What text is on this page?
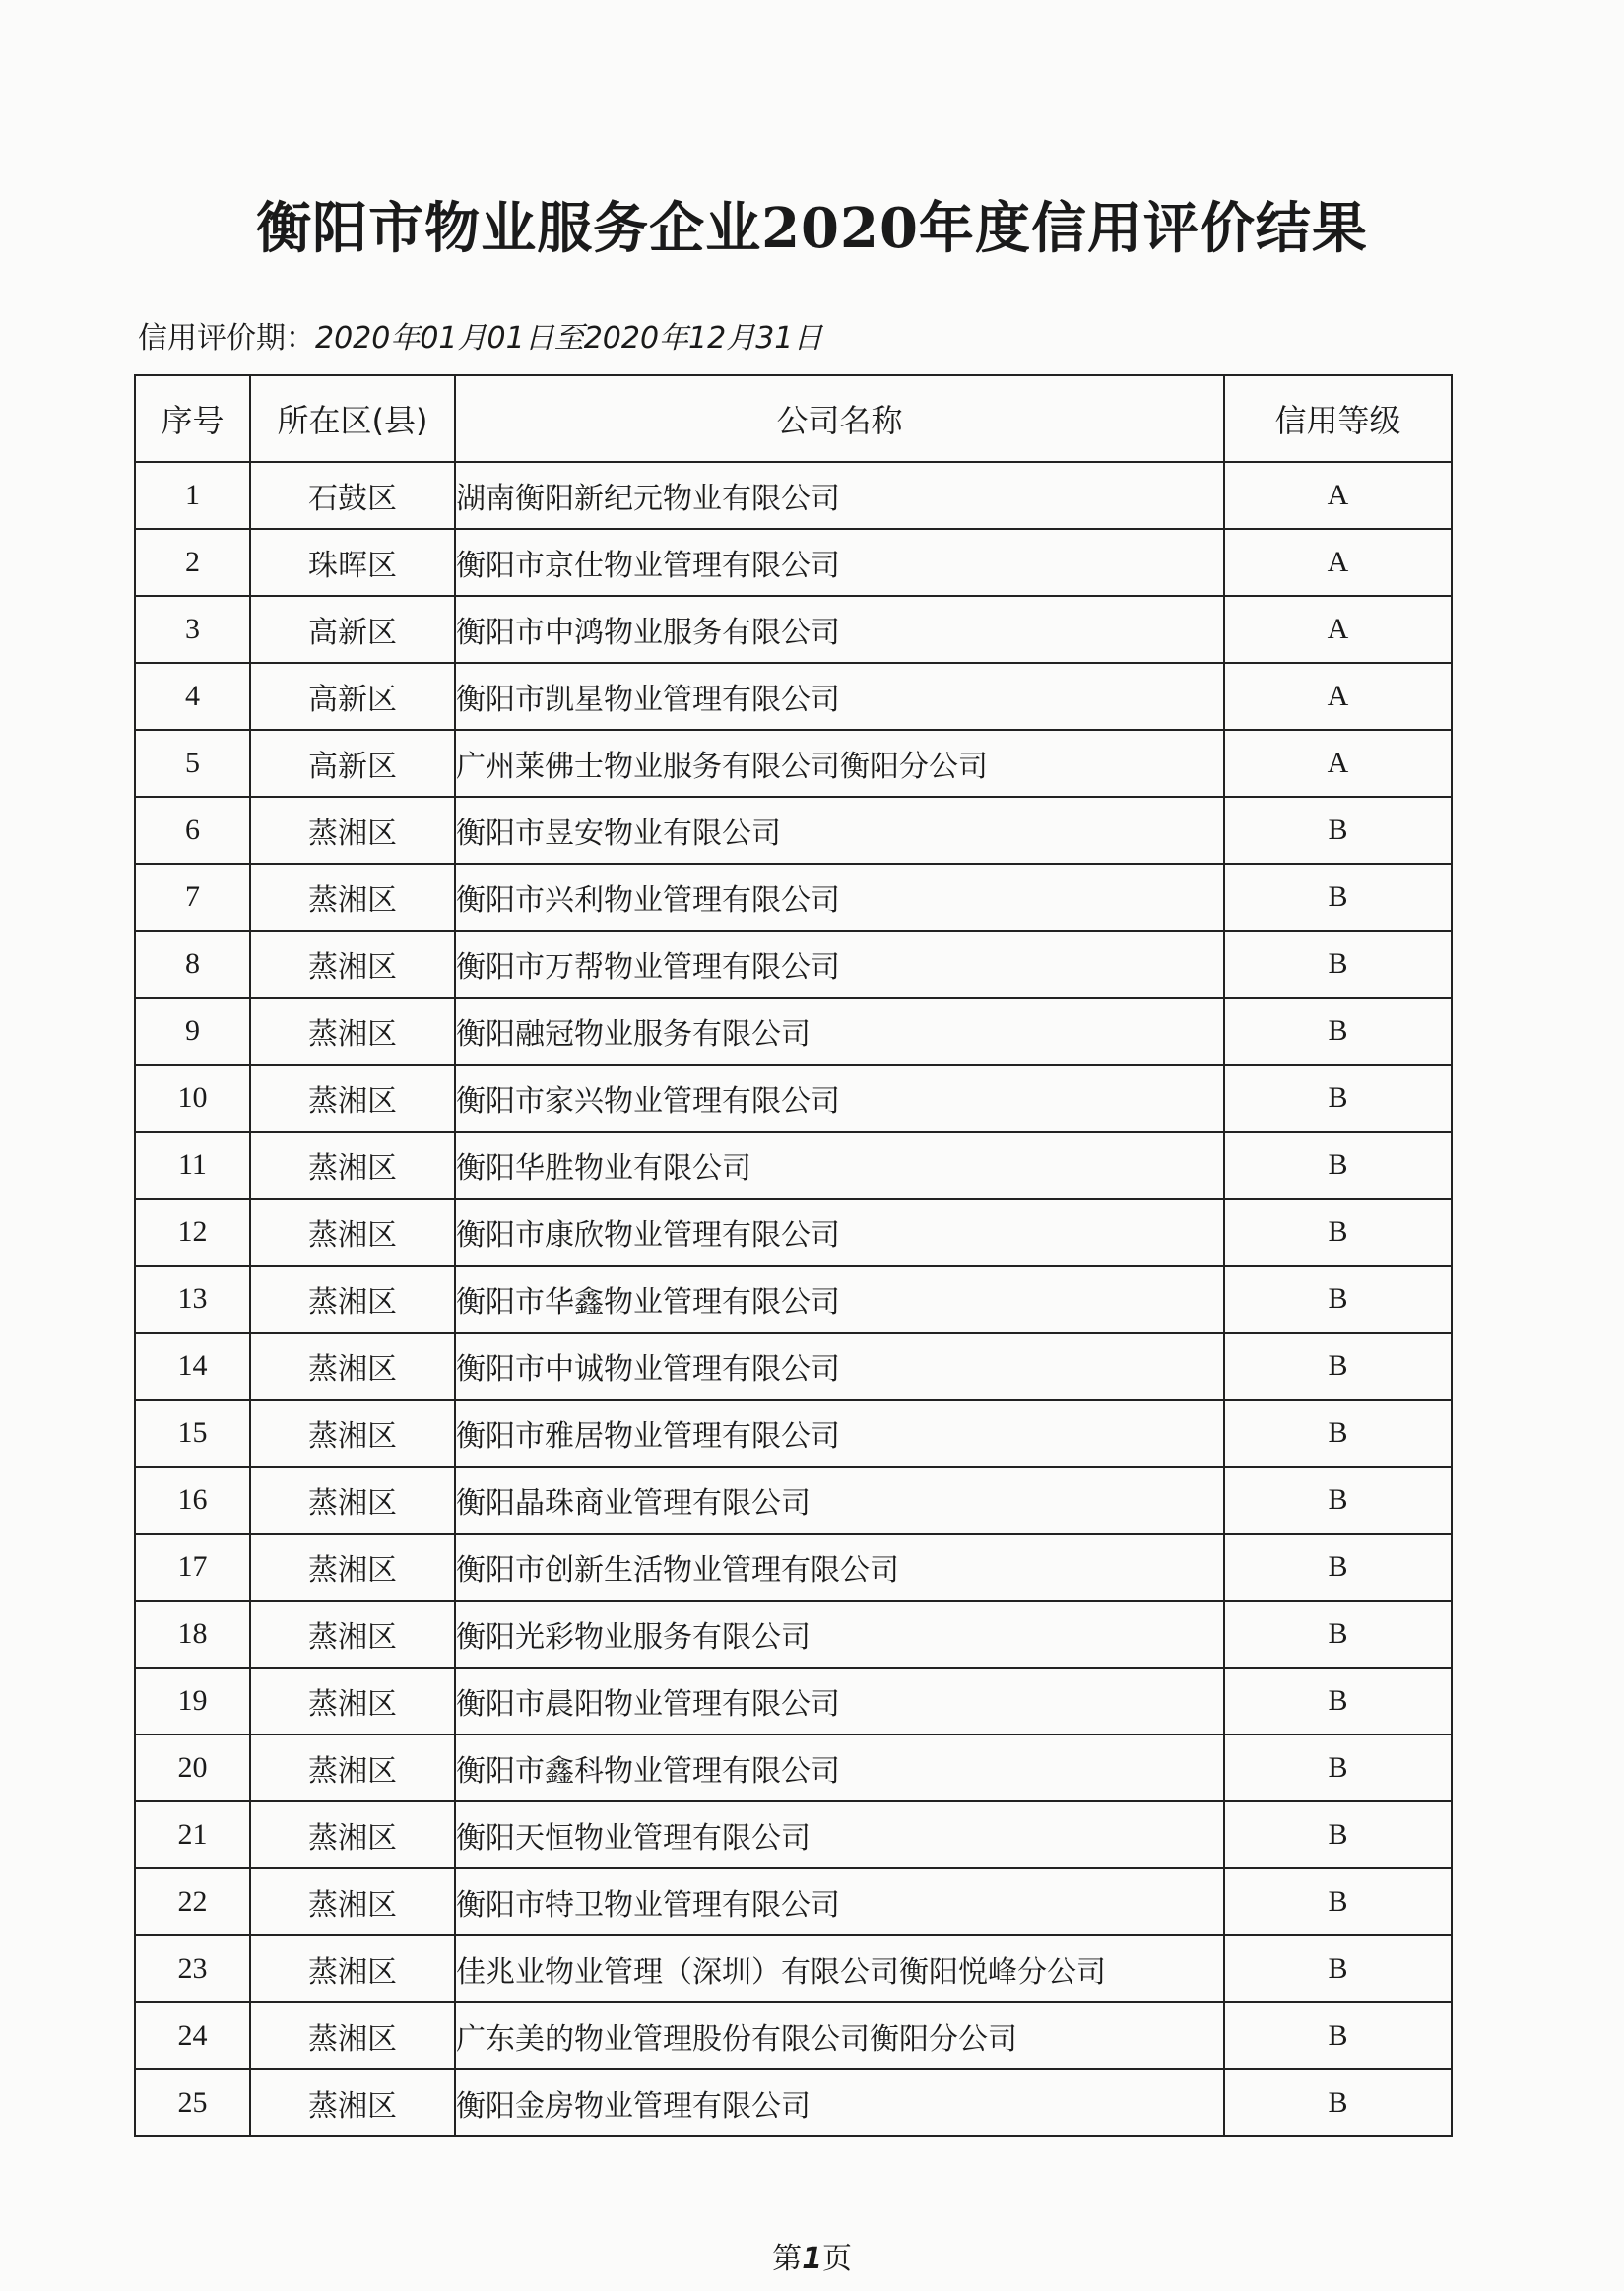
衡阳市物业服务企业2020年度信用评价结果
信用评价期：2020年01月01日至2020年12月31日
序号	所在区(县)	公司名称	信用等级
1	石鼓区	湖南衡阳新纪元物业有限公司	A
2	珠晖区	衡阳市京仕物业管理有限公司	A
3	高新区	衡阳市中鸿物业服务有限公司	A
4	高新区	衡阳市凯星物业管理有限公司	A
5	高新区	广州莱佛士物业服务有限公司衡阳分公司	A
6	蒸湘区	衡阳市昱安物业有限公司	B
7	蒸湘区	衡阳市兴利物业管理有限公司	B
8	蒸湘区	衡阳市万帮物业管理有限公司	B
9	蒸湘区	衡阳融冠物业服务有限公司	B
10	蒸湘区	衡阳市家兴物业管理有限公司	B
11	蒸湘区	衡阳华胜物业有限公司	B
12	蒸湘区	衡阳市康欣物业管理有限公司	B
13	蒸湘区	衡阳市华鑫物业管理有限公司	B
14	蒸湘区	衡阳市中诚物业管理有限公司	B
15	蒸湘区	衡阳市雅居物业管理有限公司	B
16	蒸湘区	衡阳晶珠商业管理有限公司	B
17	蒸湘区	衡阳市创新生活物业管理有限公司	B
18	蒸湘区	衡阳光彩物业服务有限公司	B
19	蒸湘区	衡阳市晨阳物业管理有限公司	B
20	蒸湘区	衡阳市鑫科物业管理有限公司	B
21	蒸湘区	衡阳天恒物业管理有限公司	B
22	蒸湘区	衡阳市特卫物业管理有限公司	B
23	蒸湘区	佳兆业物业管理（深圳）有限公司衡阳悦峰分公司	B
24	蒸湘区	广东美的物业管理股份有限公司衡阳分公司	B
25	蒸湘区	衡阳金房物业管理有限公司	B
第1页
